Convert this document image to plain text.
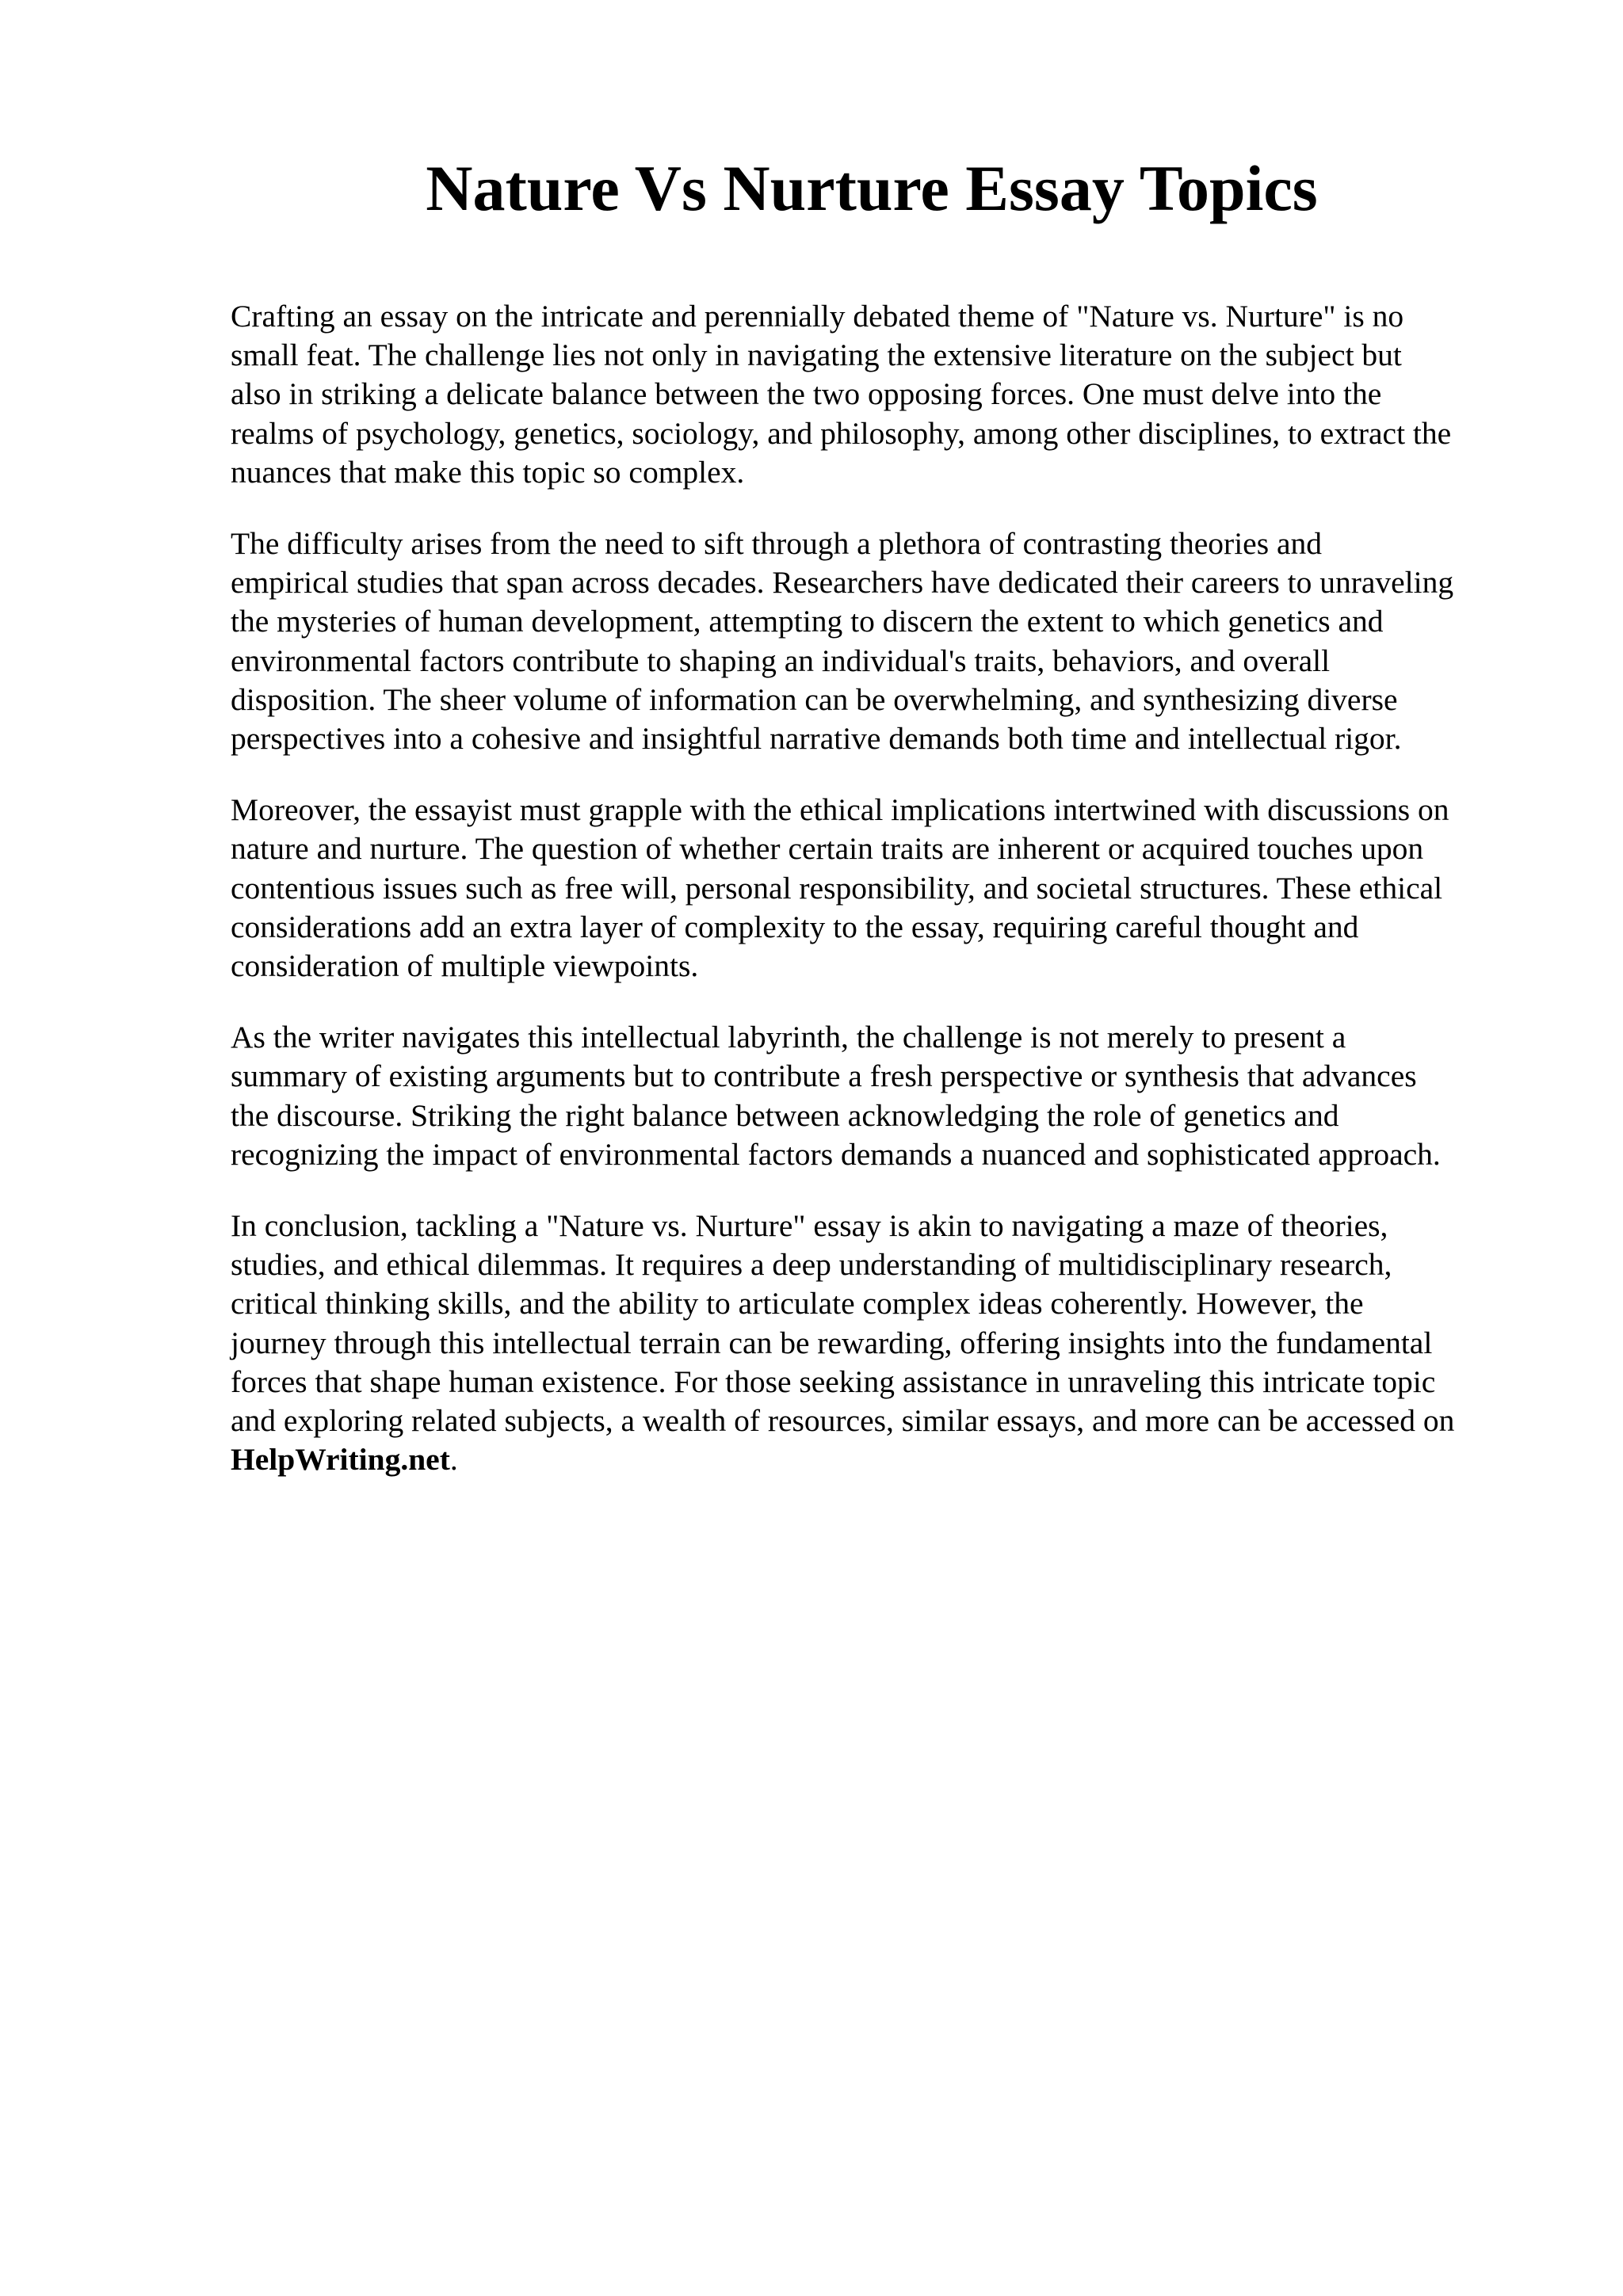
Nature Vs Nurture Essay Topics

Crafting an essay on the intricate and perennially debated theme of "Nature vs. Nurture" is no
small feat. The challenge lies not only in navigating the extensive literature on the subject but
also in striking a delicate balance between the two opposing forces. One must delve into the
realms of psychology, genetics, sociology, and philosophy, among other disciplines, to extract the
nuances that make this topic so complex.

The difficulty arises from the need to sift through a plethora of contrasting theories and
empirical studies that span across decades. Researchers have dedicated their careers to unraveling
the mysteries of human development, attempting to discern the extent to which genetics and
environmental factors contribute to shaping an individual's traits, behaviors, and overall
disposition. The sheer volume of information can be overwhelming, and synthesizing diverse
perspectives into a cohesive and insightful narrative demands both time and intellectual rigor.

Moreover, the essayist must grapple with the ethical implications intertwined with discussions on
nature and nurture. The question of whether certain traits are inherent or acquired touches upon
contentious issues such as free will, personal responsibility, and societal structures. These ethical
considerations add an extra layer of complexity to the essay, requiring careful thought and
consideration of multiple viewpoints.

As the writer navigates this intellectual labyrinth, the challenge is not merely to present a
summary of existing arguments but to contribute a fresh perspective or synthesis that advances
the discourse. Striking the right balance between acknowledging the role of genetics and
recognizing the impact of environmental factors demands a nuanced and sophisticated approach.

In conclusion, tackling a "Nature vs. Nurture" essay is akin to navigating a maze of theories,
studies, and ethical dilemmas. It requires a deep understanding of multidisciplinary research,
critical thinking skills, and the ability to articulate complex ideas coherently. However, the
journey through this intellectual terrain can be rewarding, offering insights into the fundamental
forces that shape human existence. For those seeking assistance in unraveling this intricate topic
and exploring related subjects, a wealth of resources, similar essays, and more can be accessed on
HelpWriting.net.
